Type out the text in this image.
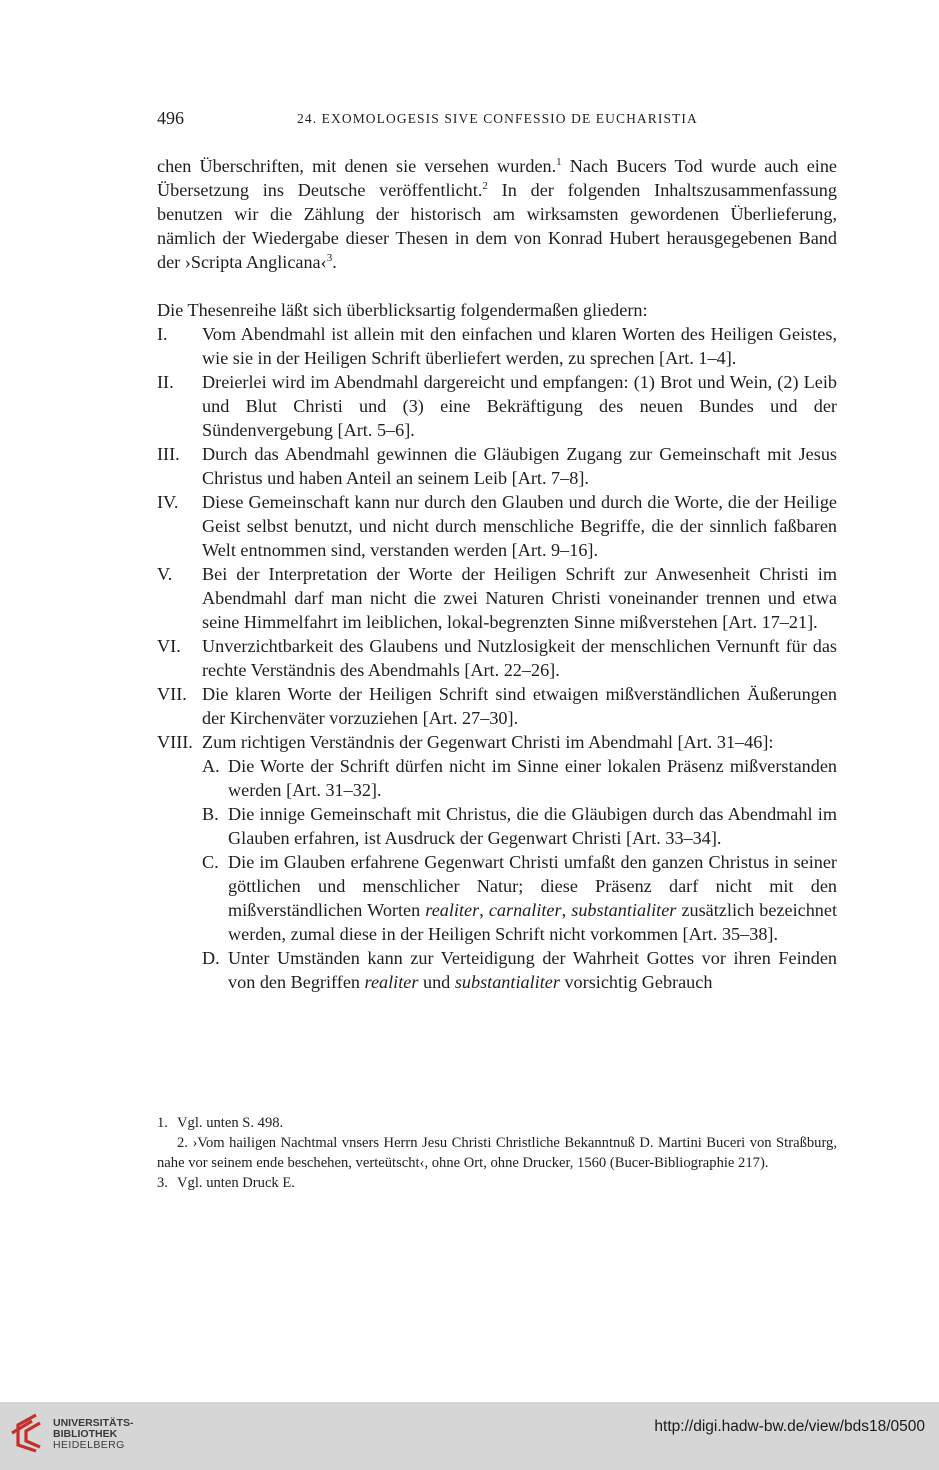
496	24. EXOMOLOGESIS SIVE CONFESSIO DE EUCHARISTIA

chen Überschriften, mit denen sie versehen wurden.$^1$ Nach Bucers Tod wurde auch eine Übersetzung ins Deutsche veröffentlicht.$^2$ In der folgenden Inhaltszusammenfassung benutzen wir die Zählung der historisch am wirksamsten gewordenen Überlieferung, nämlich der Wiedergabe dieser Thesen in dem von Konrad Hubert herausgegebenen Band der ›Scripta Anglicana‹$^3$.

Die Thesenreihe läßt sich überblicksartig folgendermaßen gliedern:

I. Vom Abendmahl ist allein mit den einfachen und klaren Worten des Heiligen Geistes, wie sie in der Heiligen Schrift überliefert werden, zu sprechen [Art. 1–4].
II. Dreierlei wird im Abendmahl dargereicht und empfangen: (1) Brot und Wein, (2) Leib und Blut Christi und (3) eine Bekräftigung des neuen Bundes und der Sündenvergebung [Art. 5–6].
III. Durch das Abendmahl gewinnen die Gläubigen Zugang zur Gemeinschaft mit Jesus Christus und haben Anteil an seinem Leib [Art. 7–8].
IV. Diese Gemeinschaft kann nur durch den Glauben und durch die Worte, die der Heilige Geist selbst benutzt, und nicht durch menschliche Begriffe, die der sinnlich faßbaren Welt entnommen sind, verstanden werden [Art. 9–16].
V. Bei der Interpretation der Worte der Heiligen Schrift zur Anwesenheit Christi im Abendmahl darf man nicht die zwei Naturen Christi voneinander trennen und etwa seine Himmelfahrt im leiblichen, lokal-begrenzten Sinne mißverstehen [Art. 17–21].
VI. Unverzichtbarkeit des Glaubens und Nutzlosigkeit der menschlichen Vernunft für das rechte Verständnis des Abendmahls [Art. 22–26].
VII. Die klaren Worte der Heiligen Schrift sind etwaigen mißverständlichen Äußerungen der Kirchenväter vorzuziehen [Art. 27–30].
VIII. Zum richtigen Verständnis der Gegenwart Christi im Abendmahl [Art. 31–46]:
A. Die Worte der Schrift dürfen nicht im Sinne einer lokalen Präsenz mißverstanden werden [Art. 31–32].
B. Die innige Gemeinschaft mit Christus, die die Gläubigen durch das Abendmahl im Glauben erfahren, ist Ausdruck der Gegenwart Christi [Art. 33–34].
C. Die im Glauben erfahrene Gegenwart Christi umfaßt den ganzen Christus in seiner göttlichen und menschlicher Natur; diese Präsenz darf nicht mit den mißverständlichen Worten realiter, carnaliter, substantialiter zusätzlich bezeichnet werden, zumal diese in der Heiligen Schrift nicht vorkommen [Art. 35–38].
D. Unter Umständen kann zur Verteidigung der Wahrheit Gottes vor ihren Feinden von den Begriffen realiter und substantialiter vorsichtig Gebrauch
1. Vgl. unten S. 498.
2. ›Vom hailigen Nachtmal vnsers Herrn Jesu Christi Christliche Bekanntnuß D. Martini Buceri von Straßburg, nahe vor seinem ende beschehen, verteütscht‹, ohne Ort, ohne Drucker, 1560 (Bucer-Bibliographie 217).
3. Vgl. unten Druck E.
UNIVERSITÄTS-
BIBLIOTHEK
HEIDELBERG
http://digi.hadw-bw.de/view/bds18/0500
